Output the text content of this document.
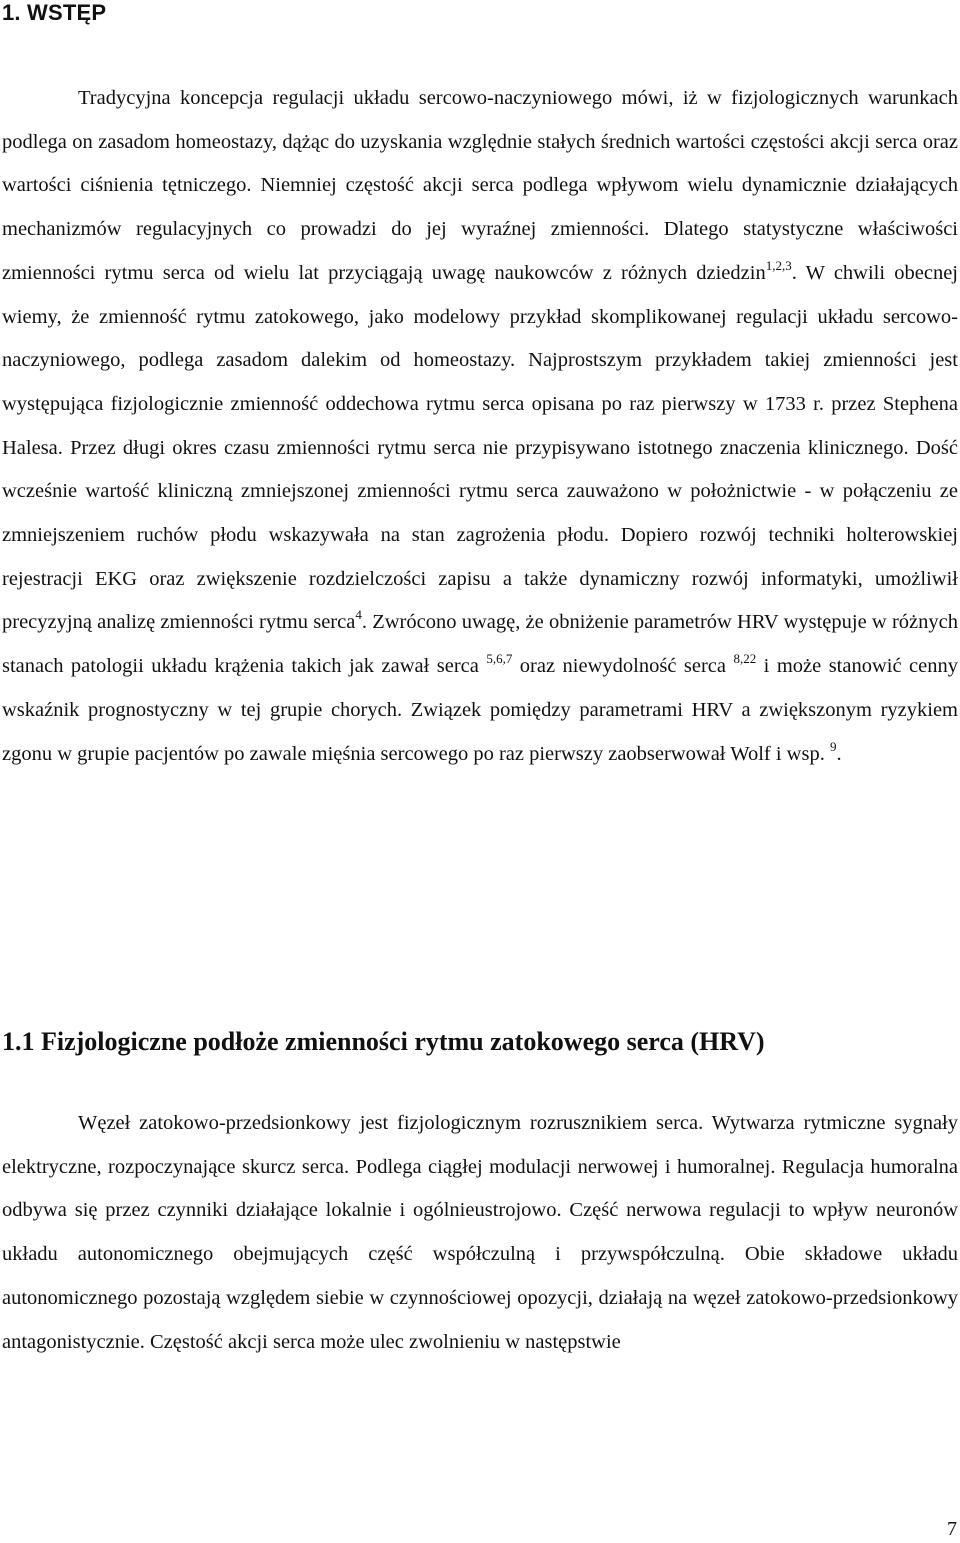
1. WSTĘP

Tradycyjna koncepcja regulacji układu sercowo-naczyniowego mówi, iż w fizjologicznych warunkach podlega on zasadom homeostazy, dążąc do uzyskania względnie stałych średnich wartości częstości akcji serca oraz wartości ciśnienia tętniczego. Niemniej częstość akcji serca podlega wpływom wielu dynamicznie działających mechanizmów regulacyjnych co prowadzi do jej wyraźnej zmienności. Dlatego statystyczne właściwości zmienności rytmu serca od wielu lat przyciągają uwagę naukowców z różnych dziedzin$^{1,2,3}$. W chwili obecnej wiemy, że zmienność rytmu zatokowego, jako modelowy przykład skomplikowanej regulacji układu sercowo-naczyniowego, podlega zasadom dalekim od homeostazy. Najprostszym przykładem takiej zmienności jest występująca fizjologicznie zmienność oddechowa rytmu serca opisana po raz pierwszy w 1733 r. przez Stephena Halesa. Przez długi okres czasu zmienności rytmu serca nie przypisywano istotnego znaczenia klinicznego. Dość wcześnie wartość kliniczną zmniejszonej zmienności rytmu serca zauważono w położnictwie - w połączeniu ze zmniejszeniem ruchów płodu wskazywała na stan zagrożenia płodu. Dopiero rozwój techniki holterowskiej rejestracji EKG oraz zwiększenie rozdzielczości zapisu a także dynamiczny rozwój informatyki, umożliwił precyzyjną analizę zmienności rytmu serca$^4$. Zwrócono uwagę, że obniżenie parametrów HRV występuje w różnych stanach patologii układu krążenia takich jak zawał serca $^{5,6,7}$ oraz niewydolność serca $^{8,22}$ i może stanowić cenny wskaźnik prognostyczny w tej grupie chorych. Związek pomiędzy parametrami HRV a zwiększonym ryzykiem zgonu w grupie pacjentów po zawale mięśnia sercowego po raz pierwszy zaobserwował Wolf i wsp. $^9$.

1.1 Fizjologiczne podłoże zmienności rytmu zatokowego serca (HRV)

Węzeł zatokowo-przedsionkowy jest fizjologicznym rozrusznikiem serca. Wytwarza rytmiczne sygnały elektryczne, rozpoczynające skurcz serca. Podlega ciągłej modulacji nerwowej i humoralnej. Regulacja humoralna odbywa się przez czynniki działające lokalnie i ogólnieustrojowo. Część nerwowa regulacji to wpływ neuronów układu autonomicznego obejmujących część współczulną i przywspółczulną. Obie składowe układu autonomicznego pozostają względem siebie w czynnościowej opozycji, działają na węzeł zatokowo-przedsionkowy antagonistycznie. Częstość akcji serca może ulec zwolnieniu w następstwie

7
